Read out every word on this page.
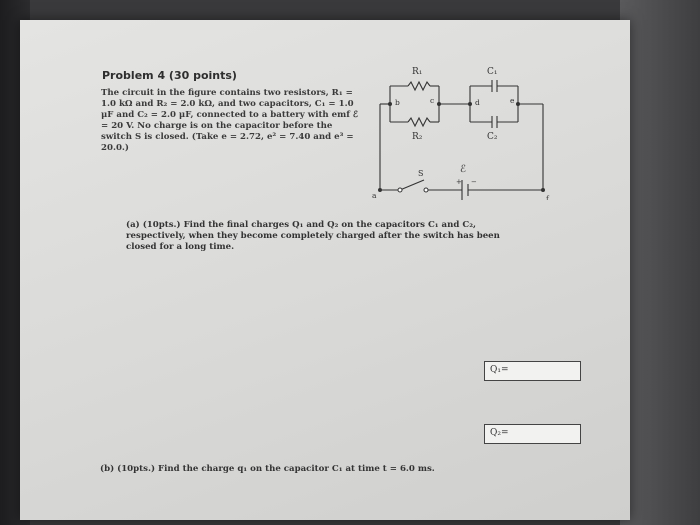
Problem 4 (30 points)
The circuit in the figure contains two resistors, R₁ = 1.0 kΩ and R₂ = 2.0 kΩ, and two capacitors, C₁ = 1.0 μF and C₂ = 2.0 μF, connected to a battery with emf ℰ = 20 V. No charge is on the capacitor before the switch S is closed. (Take e = 2.72, e² = 7.40 and e³ = 20.0.)
R₁
R₂
C₁
C₂
b	c	d	e
a	f
S	ℰ
+ −
(a) (10pts.) Find the final charges Q₁ and Q₂ on the capacitors C₁ and C₂, respectively, when they become completely charged after the switch has been closed for a long time.
Q₁=
Q₂=
(b) (10pts.) Find the charge q₁ on the capacitor C₁ at time t = 6.0 ms.
